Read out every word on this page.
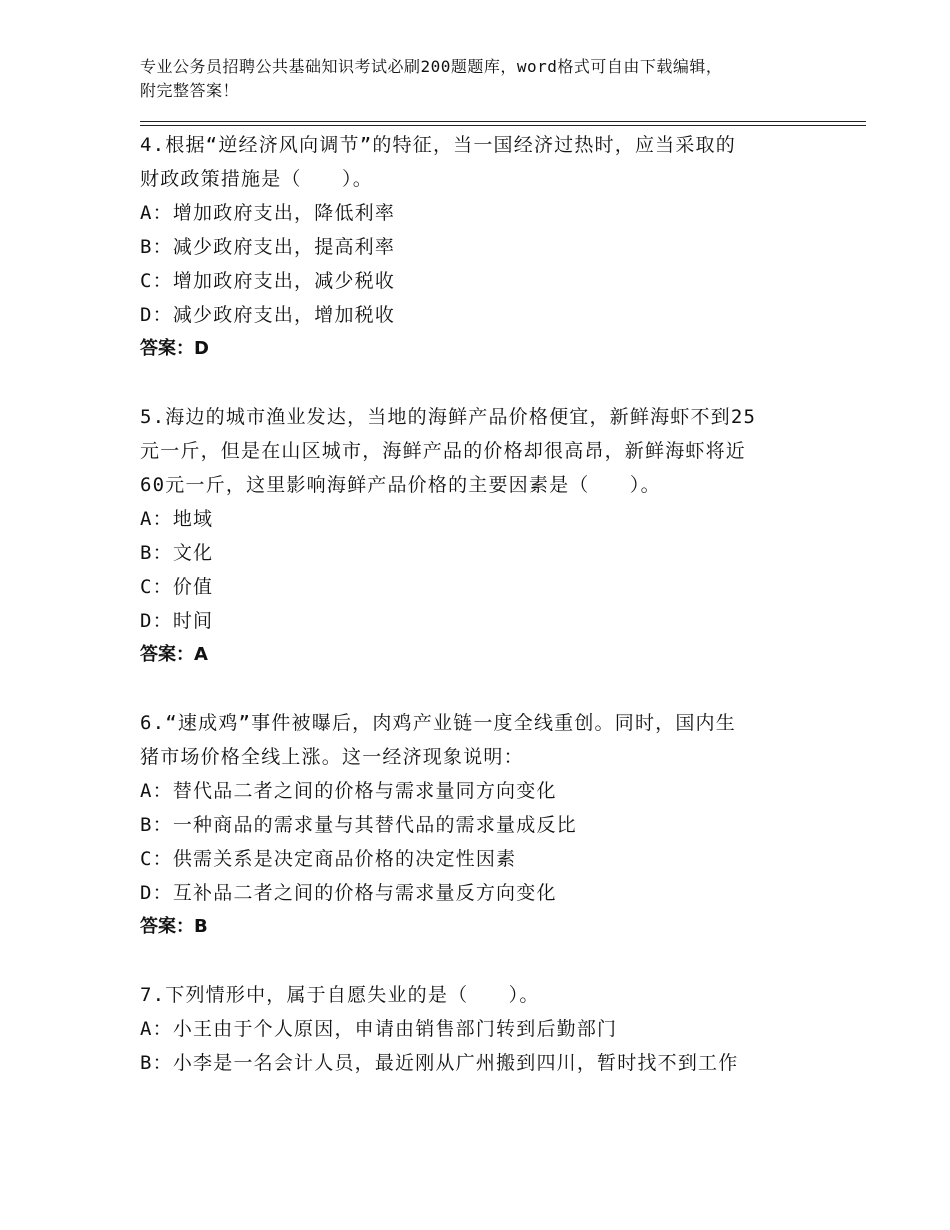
专业公务员招聘公共基础知识考试必刷200题题库，word格式可自由下载编辑，
附完整答案！
4.根据“逆经济风向调节”的特征，当一国经济过热时，应当采取的
财政政策措施是（　　）。
A：增加政府支出，降低利率
B：减少政府支出，提高利率
C：增加政府支出，减少税收
D：减少政府支出，增加税收
答案：D
5.海边的城市渔业发达，当地的海鲜产品价格便宜，新鲜海虾不到25
元一斤，但是在山区城市，海鲜产品的价格却很高昂，新鲜海虾将近
60元一斤，这里影响海鲜产品价格的主要因素是（　　）。
A：地域
B：文化
C：价值
D：时间
答案：A
6.“速成鸡”事件被曝后，肉鸡产业链一度全线重创。同时，国内生
猪市场价格全线上涨。这一经济现象说明：
A：替代品二者之间的价格与需求量同方向变化
B：一种商品的需求量与其替代品的需求量成反比
C：供需关系是决定商品价格的决定性因素
D：互补品二者之间的价格与需求量反方向变化
答案：B
7.下列情形中，属于自愿失业的是（　　）。
A：小王由于个人原因，申请由销售部门转到后勤部门
B：小李是一名会计人员，最近刚从广州搬到四川，暂时找不到工作
